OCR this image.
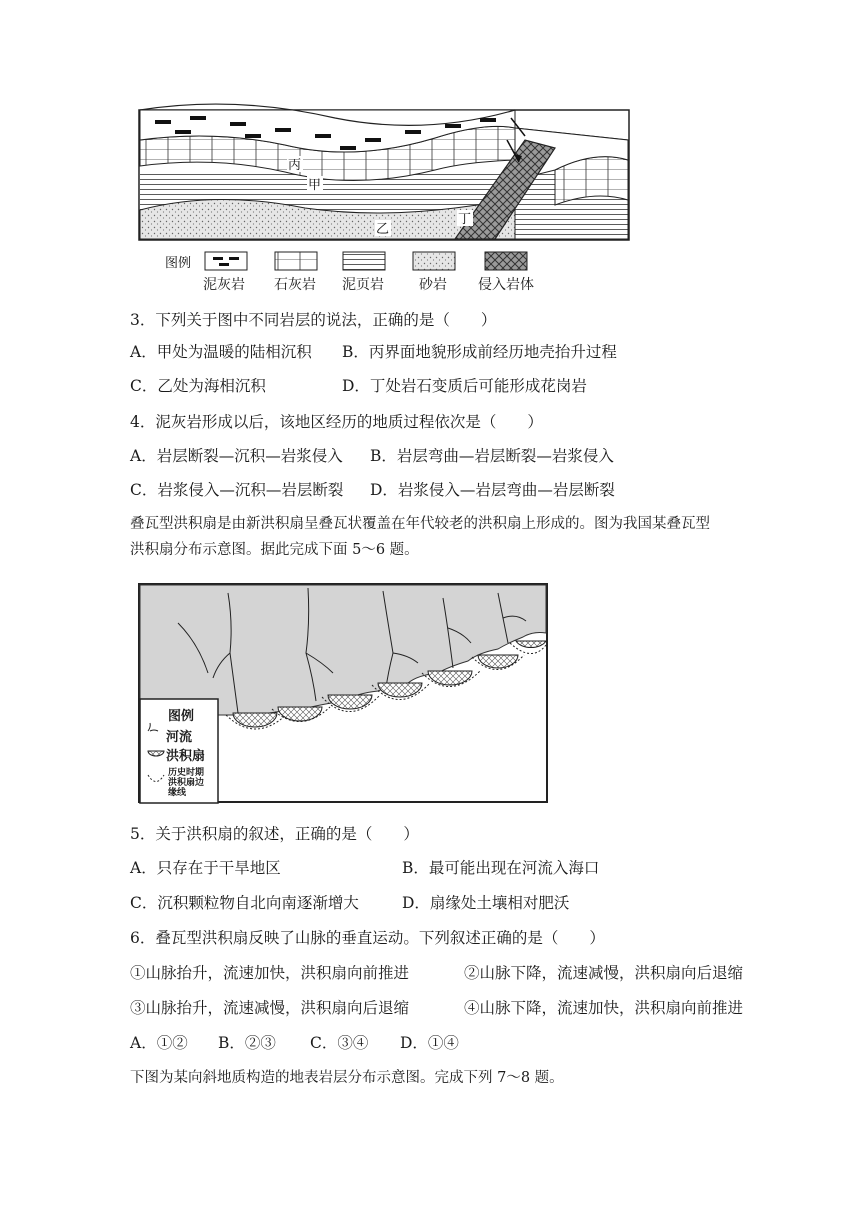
丙
甲
乙
丁
图例
泥灰岩 石灰岩 泥页岩	砂岩 侵入岩体
3．下列关于图中不同岩层的说法，正确的是（　　）
A．甲处为温暖的陆相沉积 B．丙界面地貌形成前经历地壳抬升过程
C．乙处为海相沉积	D．丁处岩石变质后可能形成花岗岩
4．泥灰岩形成以后，该地区经历的地质过程依次是（　　）
A．岩层断裂—沉积—岩浆侵入 B．岩层弯曲—岩层断裂—岩浆侵入
C．岩浆侵入—沉积—岩层断裂 D．岩浆侵入—岩层弯曲—岩层断裂
叠瓦型洪积扇是由新洪积扇呈叠瓦状覆盖在年代较老的洪积扇上形成的。图为我国某叠瓦型
洪积扇分布示意图。据此完成下面 5～6 题。
图例
河流
洪积扇
历史时期
洪积扇边
缘线
5．关于洪积扇的叙述，正确的是（　　）
A．只存在于干旱地区	B．最可能出现在河流入海口
C．沉积颗粒物自北向南逐渐增大	D．扇缘处土壤相对肥沃
6．叠瓦型洪积扇反映了山脉的垂直运动。下列叙述正确的是（　　）
①山脉抬升，流速加快，洪积扇向前推进	②山脉下降，流速减慢，洪积扇向后退缩
③山脉抬升，流速减慢，洪积扇向后退缩	④山脉下降，流速加快，洪积扇向前推进
A．①② B．②③ C．③④ D．①④
下图为某向斜地质构造的地表岩层分布示意图。完成下列 7～8 题。
